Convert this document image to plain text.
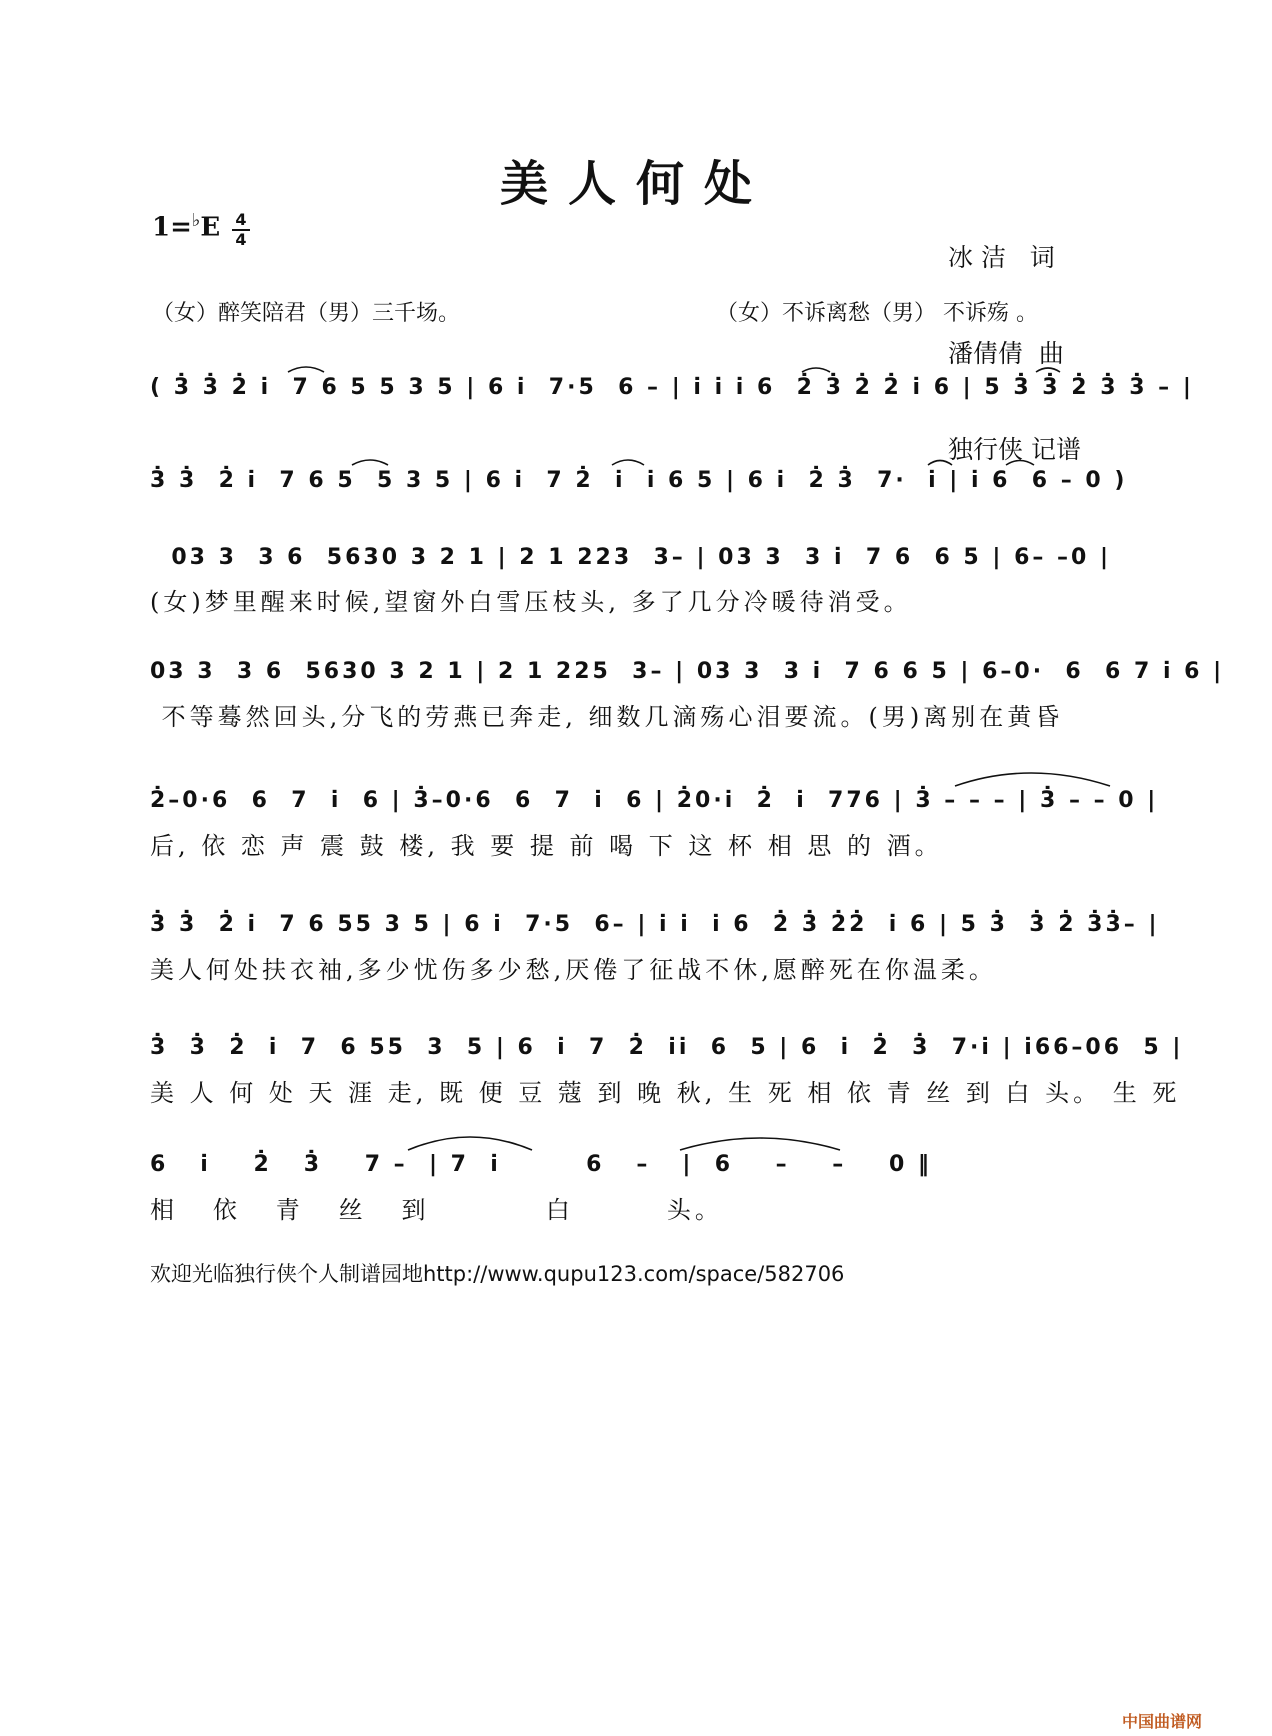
美人何处
1=♭E 4
4

冰 洁   词

潘倩倩  曲

独行侠 记谱

（女）醉笑陪君（男）三千场。	（女）不诉离愁（男） 不诉殇 。
( 3̇ 3̇ 2̇ i̇  7 6 5 5 3 5 | 6 i̇  7·5  6 – | i̇ i̇ i̇ 6  2̇ 3̇ 2̇ 2̇ i̇ 6 | 5 3̇ 3̇ 2̇ 3̇ 3̇ – |
3̇ 3̇  2̇ i̇  7 6 5  5 3 5 | 6 i̇  7 2̇  i̇  i̇ 6 5 | 6 i̇  2̇ 3̇  7·  i̇ | i̇ 6  6 – 0 )
03 3  3 6  5630 3 2 1 | 2 1 223  3– | 03 3  3 i̇  7 6  6 5 | 6– –0 |
(女)梦里醒来时候,望窗外白雪压枝头, 多了几分冷暖待消受。
03 3  3 6  5630 3 2 1 | 2 1 225  3– | 03 3  3 i̇  7 6 6 5 | 6–0·  6  6 7 i̇ 6 |
不等蓦然回头,分飞的劳燕已奔走, 细数几滴殇心泪要流。(男)离别在黄昏
2̇–0·6  6  7  i̇  6 | 3̇–0·6  6  7  i̇  6 | 2̇0·i̇  2̇  i̇  776 | 3̇ – – – | 3̇ – – 0 |
后, 依 恋 声 震 鼓 楼, 我 要 提 前 喝 下 这 杯 相 思 的 酒。
3̇ 3̇  2̇ i̇  7 6 55 3 5 | 6 i̇  7·5  6– | i̇ i̇  i̇ 6  2̇ 3̇ 2̇2̇  i̇ 6 | 5 3̇  3̇ 2̇ 3̇3̇– |
美人何处扶衣袖,多少忧伤多少愁,厌倦了征战不休,愿醉死在你温柔。
3̇  3̇  2̇  i̇  7  6 55  3  5 | 6  i̇  7  2̇  i̇i̇  6  5 | 6  i̇  2̇  3̇  7·i̇ | i̇66–06  5 |
美 人 何 处 天 涯 走, 既 便 豆 蔻 到 晚 秋, 生 死 相 依 青 丝 到 白 头。 生 死
6   i̇    2̇   3̇    7 –  | 7  i̇        6   –   |  6    –    –    0 ‖
相   依   青   丝   到          白        头。
欢迎光临独行侠个人制谱园地http://www.qupu123.com/space/582706
中国曲谱网
